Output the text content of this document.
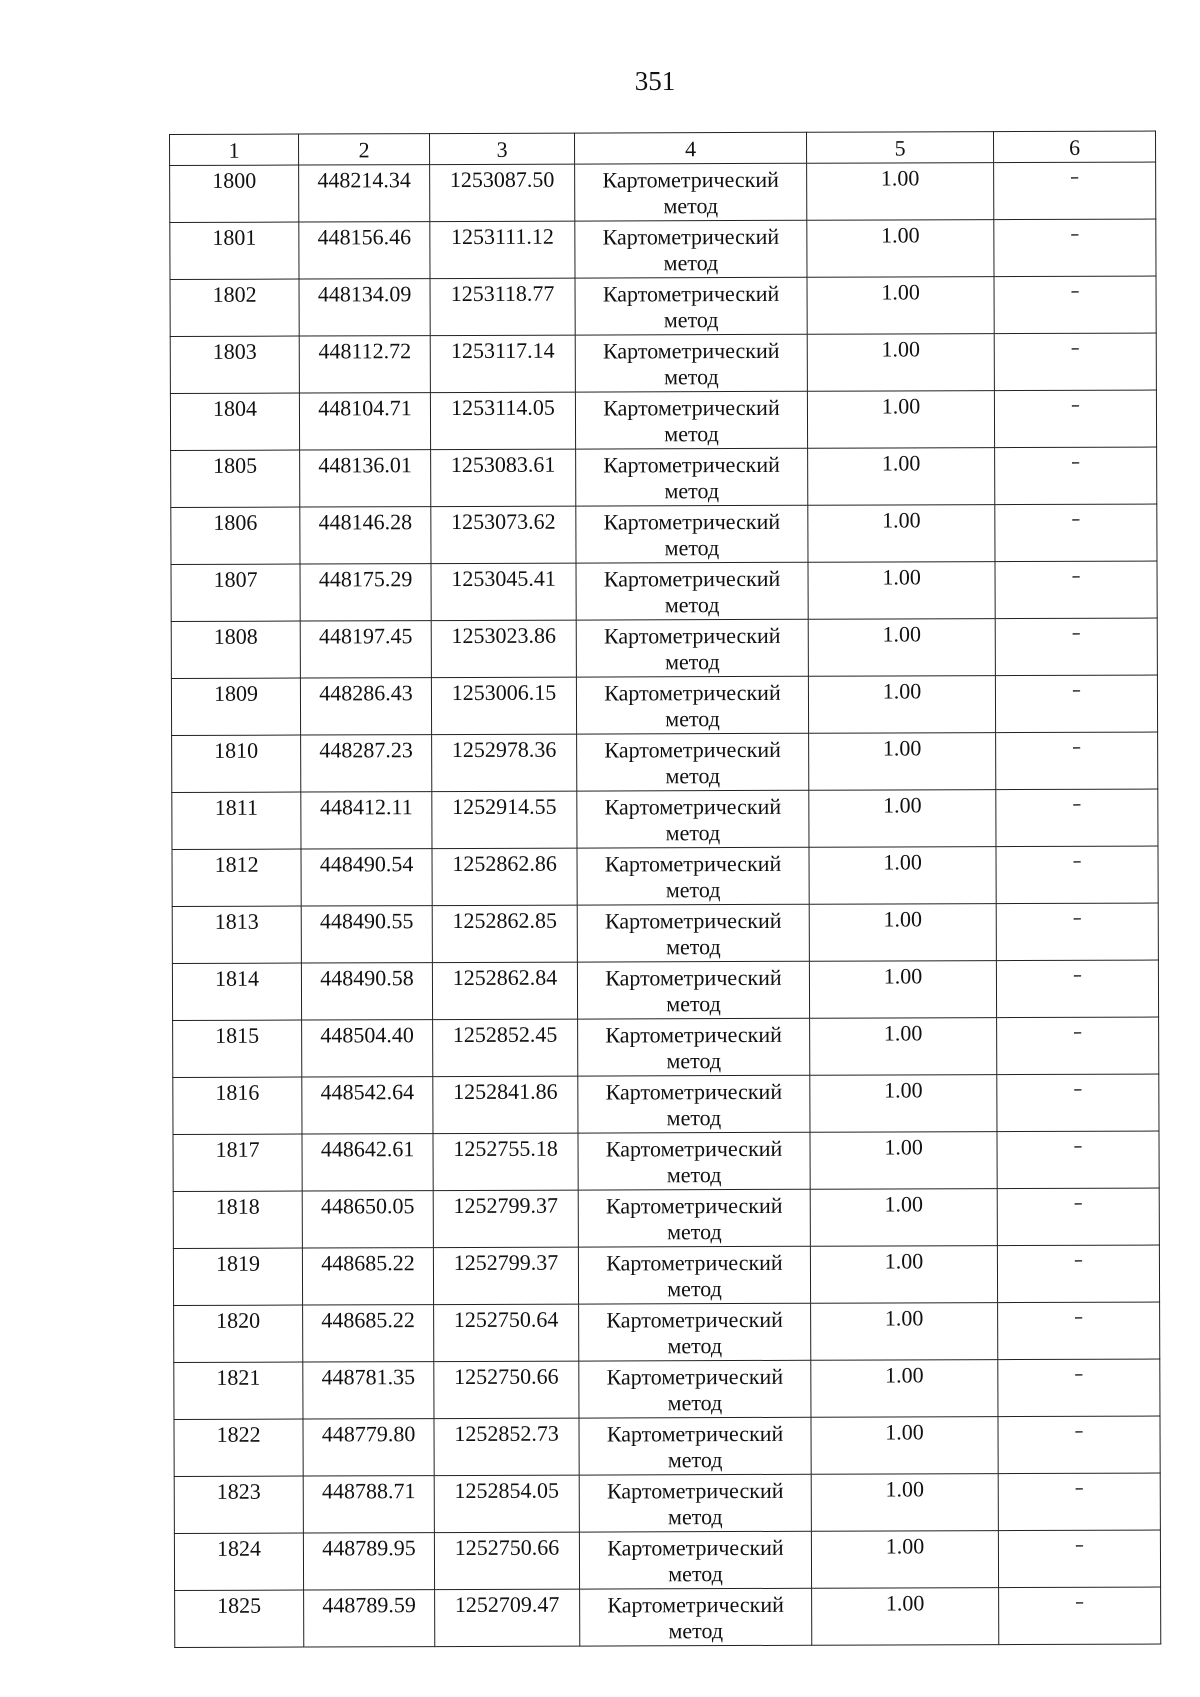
351
1	2	3	4	5	6
1800	448214.34	1253087.50	Картометрический метод	1.00	–
1801	448156.46	1253111.12	Картометрический метод	1.00	–
1802	448134.09	1253118.77	Картометрический метод	1.00	–
1803	448112.72	1253117.14	Картометрический метод	1.00	–
1804	448104.71	1253114.05	Картометрический метод	1.00	–
1805	448136.01	1253083.61	Картометрический метод	1.00	–
1806	448146.28	1253073.62	Картометрический метод	1.00	–
1807	448175.29	1253045.41	Картометрический метод	1.00	–
1808	448197.45	1253023.86	Картометрический метод	1.00	–
1809	448286.43	1253006.15	Картометрический метод	1.00	–
1810	448287.23	1252978.36	Картометрический метод	1.00	–
1811	448412.11	1252914.55	Картометрический метод	1.00	–
1812	448490.54	1252862.86	Картометрический метод	1.00	–
1813	448490.55	1252862.85	Картометрический метод	1.00	–
1814	448490.58	1252862.84	Картометрический метод	1.00	–
1815	448504.40	1252852.45	Картометрический метод	1.00	–
1816	448542.64	1252841.86	Картометрический метод	1.00	–
1817	448642.61	1252755.18	Картометрический метод	1.00	–
1818	448650.05	1252799.37	Картометрический метод	1.00	–
1819	448685.22	1252799.37	Картометрический метод	1.00	–
1820	448685.22	1252750.64	Картометрический метод	1.00	–
1821	448781.35	1252750.66	Картометрический метод	1.00	–
1822	448779.80	1252852.73	Картометрический метод	1.00	–
1823	448788.71	1252854.05	Картометрический метод	1.00	–
1824	448789.95	1252750.66	Картометрический метод	1.00	–
1825	448789.59	1252709.47	Картометрический метод	1.00	–
